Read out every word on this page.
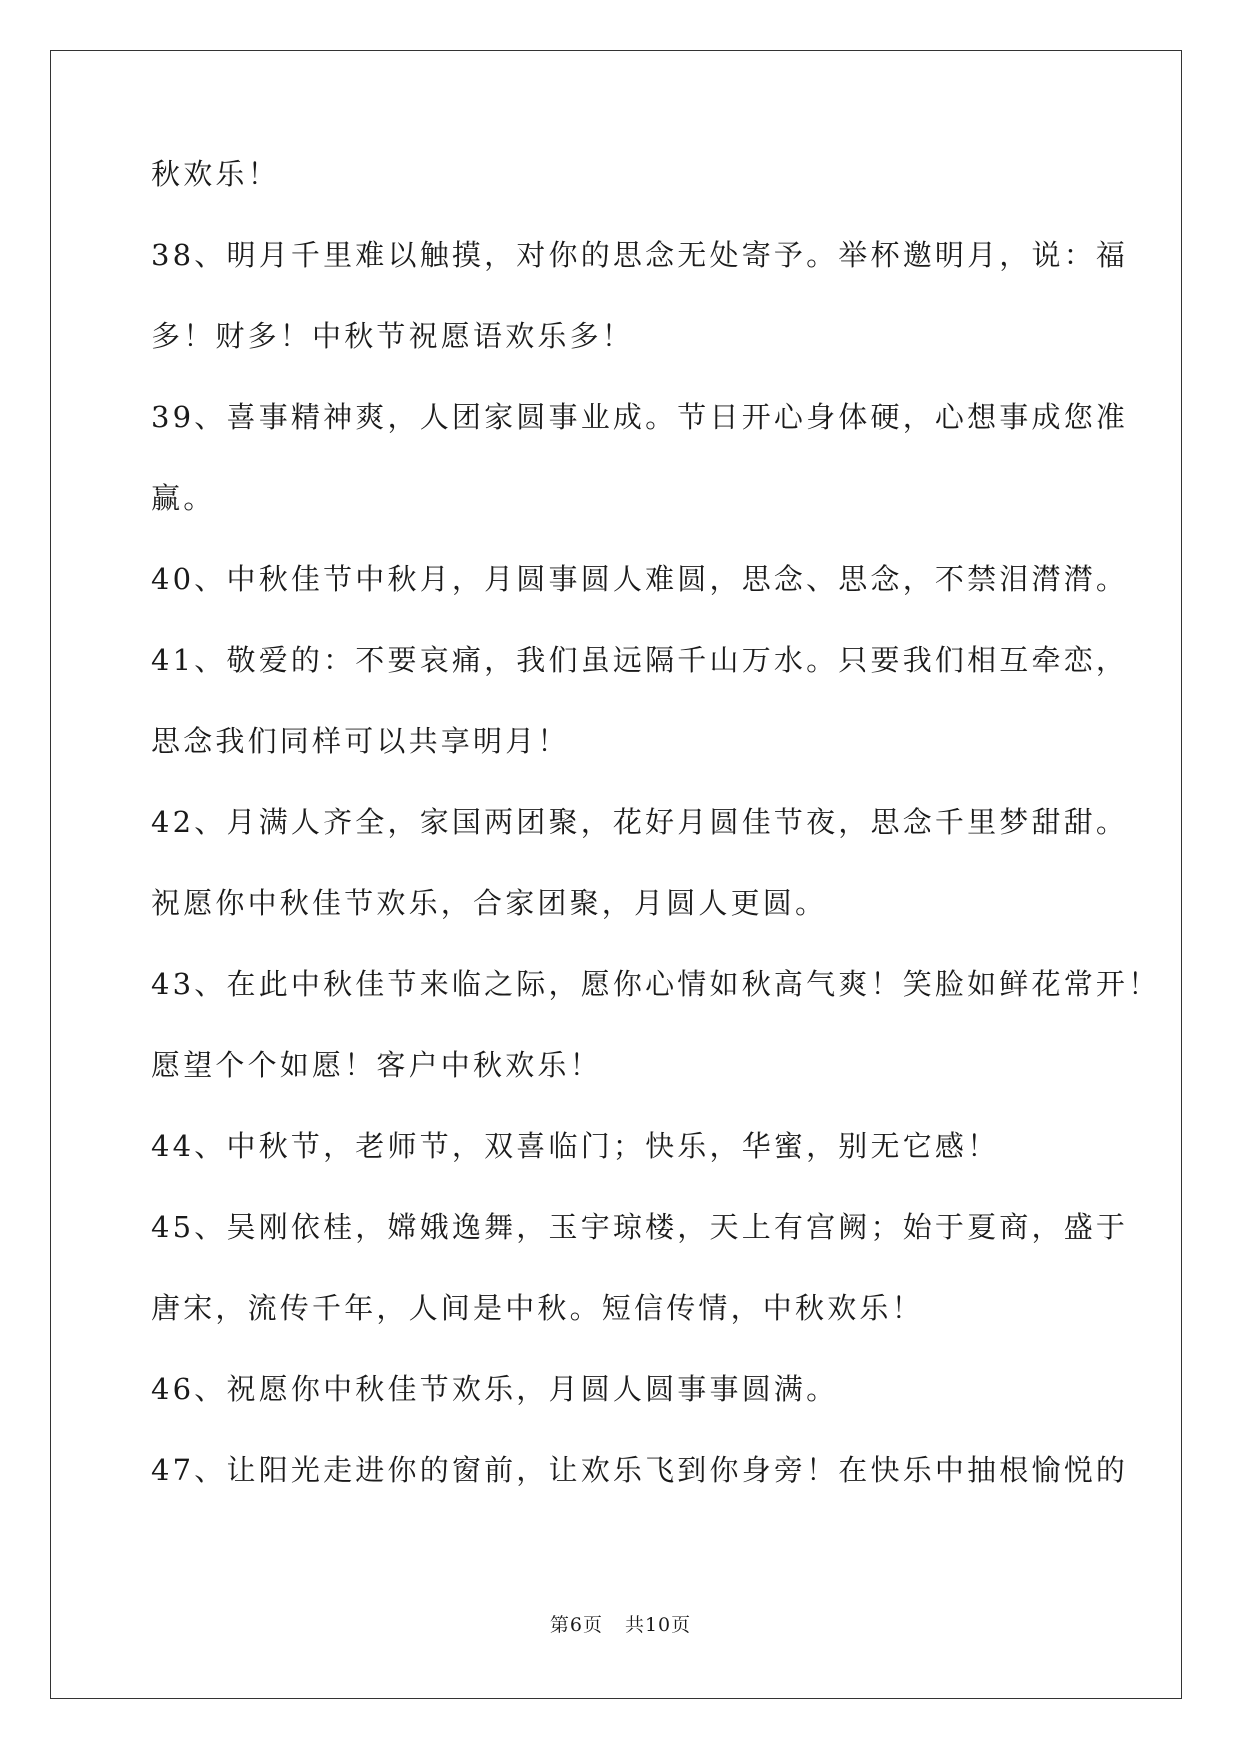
秋欢乐！
38、明月千里难以触摸，对你的思念无处寄予。举杯邀明月，说：福
多！财多！中秋节祝愿语欢乐多！
39、喜事精神爽，人团家圆事业成。节日开心身体硬，心想事成您准
赢。
40、中秋佳节中秋月，月圆事圆人难圆，思念、思念，不禁泪潸潸。
41、敬爱的：不要哀痛，我们虽远隔千山万水。只要我们相互牵恋，
思念我们同样可以共享明月！
42、月满人齐全，家国两团聚，花好月圆佳节夜，思念千里梦甜甜。
祝愿你中秋佳节欢乐，合家团聚，月圆人更圆。
43、在此中秋佳节来临之际，愿你心情如秋高气爽！笑脸如鲜花常开！
愿望个个如愿！客户中秋欢乐！
44、中秋节，老师节，双喜临门；快乐，华蜜，别无它感！
45、吴刚依桂，嫦娥逸舞，玉宇琼楼，天上有宫阙；始于夏商，盛于
唐宋，流传千年，人间是中秋。短信传情，中秋欢乐！
46、祝愿你中秋佳节欢乐，月圆人圆事事圆满。
47、让阳光走进你的窗前，让欢乐飞到你身旁！在快乐中抽根愉悦的
第6页 共10页
